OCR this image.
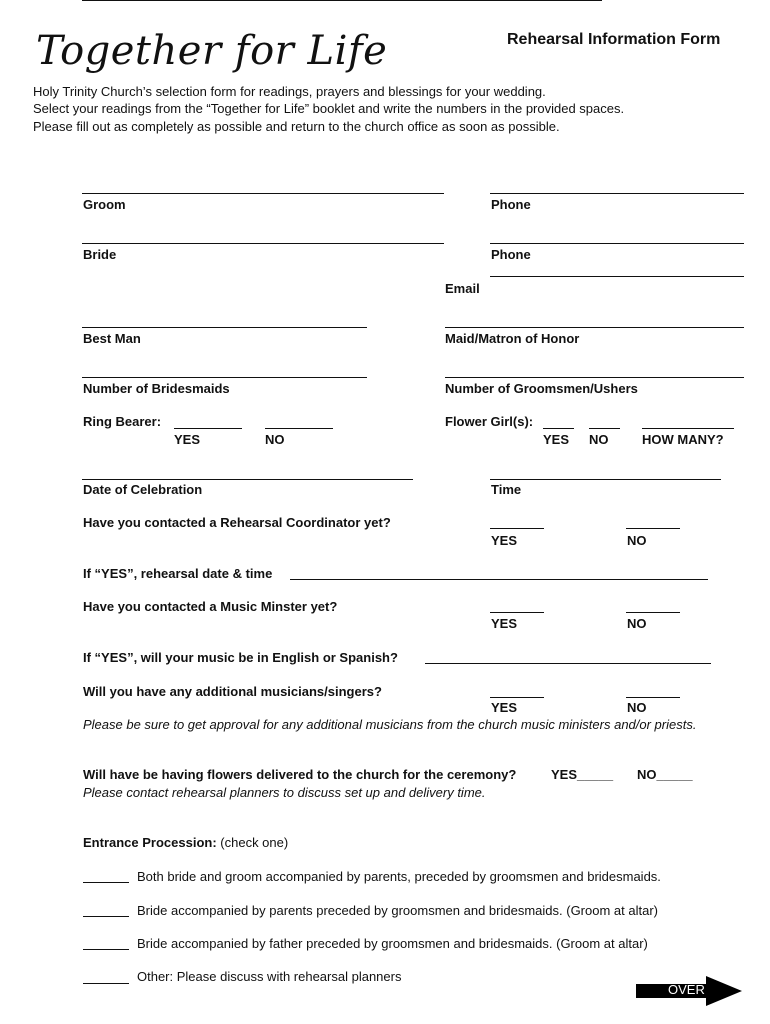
Together for Life	Rehearsal Information Form
Holy Trinity Church’s selection form for readings, prayers and blessings for your wedding.
Select your readings from the “Together for Life” booklet and write the numbers in the provided spaces.
Please fill out as completely as possible and return to the church office as soon as possible.
Groom	Phone
Bride	Phone
Email
Best Man	Maid/Matron of Honor
Number of Bridesmaids	Number of Groomsmen/Ushers
Ring Bearer:
YES	NO
Flower Girl(s):
YES NO	HOW MANY?
Date of Celebration	Time
Have you contacted a Rehearsal Coordinator yet?
YES	NO
If “YES”, rehearsal date & time
Have you contacted a Music Minster yet?
YES	NO
If “YES”, will your music be in English or Spanish?
Will you have any additional musicians/singers?
YES	NO
Please be sure to get approval for any additional musicians from the church music ministers and/or priests.
Will have be having flowers delivered to the church for the ceremony?	YES_____ NO_____
Please contact rehearsal planners to discuss set up and delivery time.
Entrance Procession: (check one)
Both bride and groom accompanied by parents, preceded by groomsmen and bridesmaids.
Bride accompanied by parents preceded by groomsmen and bridesmaids. (Groom at altar)
Bride accompanied by father preceded by groomsmen and bridesmaids. (Groom at altar)
Other: Please discuss with rehearsal planners
OVER
